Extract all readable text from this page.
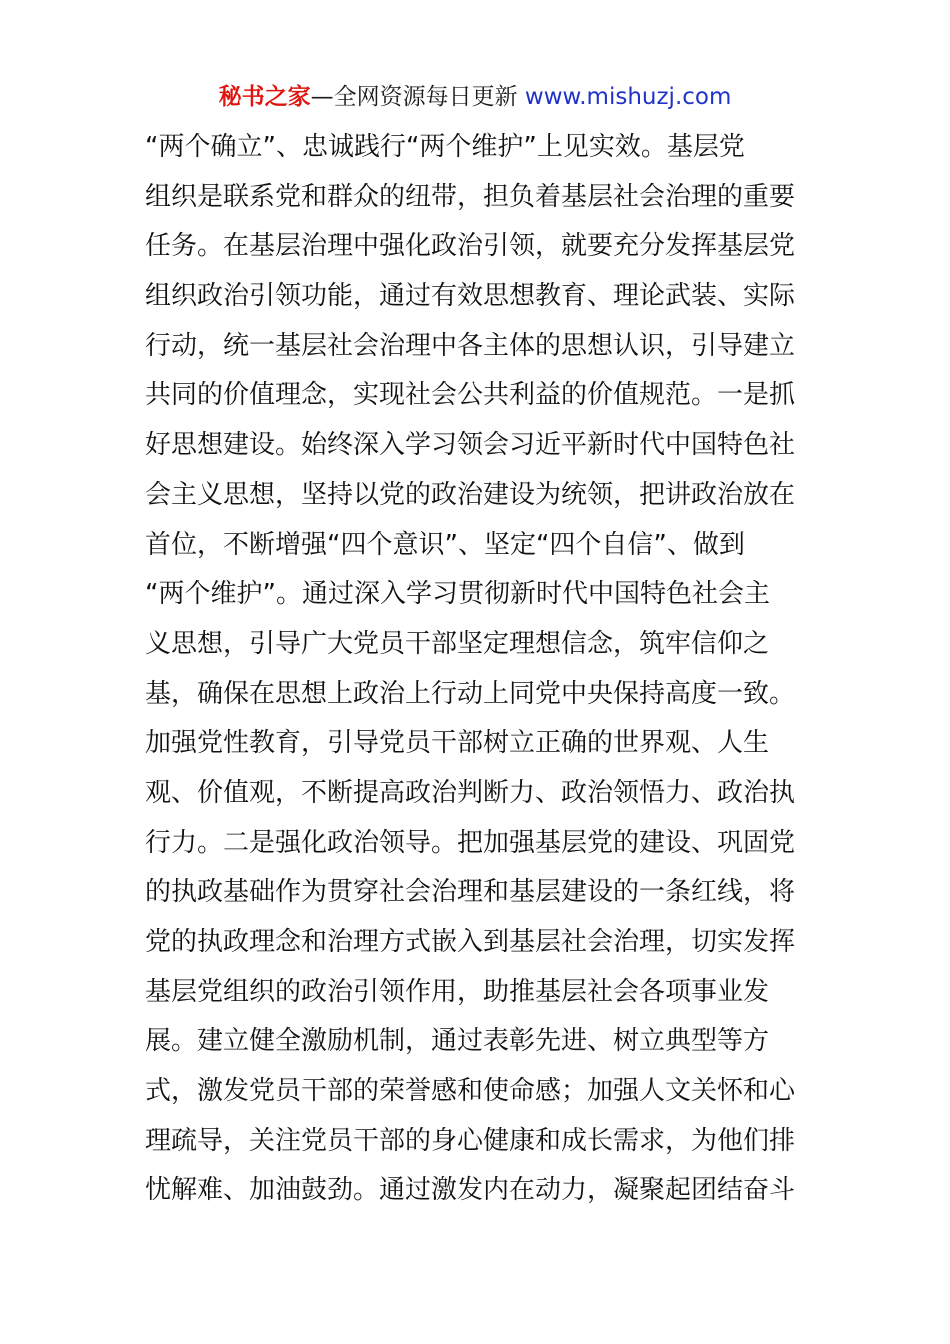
秘书之家—全网资源每日更新 www.mishuzj.com
“两个确立”、忠诚践行“两个维护”上见实效。基层党
组织是联系党和群众的纽带，担负着基层社会治理的重要
任务。在基层治理中强化政治引领，就要充分发挥基层党
组织政治引领功能，通过有效思想教育、理论武装、实际
行动，统一基层社会治理中各主体的思想认识，引导建立
共同的价值理念，实现社会公共利益的价值规范。一是抓
好思想建设。始终深入学习领会习近平新时代中国特色社
会主义思想，坚持以党的政治建设为统领，把讲政治放在
首位，不断增强“四个意识”、坚定“四个自信”、做到
“两个维护”。通过深入学习贯彻新时代中国特色社会主
义思想，引导广大党员干部坚定理想信念，筑牢信仰之
基，确保在思想上政治上行动上同党中央保持高度一致。
加强党性教育，引导党员干部树立正确的世界观、人生
观、价值观，不断提高政治判断力、政治领悟力、政治执
行力。二是强化政治领导。把加强基层党的建设、巩固党
的执政基础作为贯穿社会治理和基层建设的一条红线，将
党的执政理念和治理方式嵌入到基层社会治理，切实发挥
基层党组织的政治引领作用，助推基层社会各项事业发
展。建立健全激励机制，通过表彰先进、树立典型等方
式，激发党员干部的荣誉感和使命感；加强人文关怀和心
理疏导，关注党员干部的身心健康和成长需求，为他们排
忧解难、加油鼓劲。通过激发内在动力，凝聚起团结奋斗
